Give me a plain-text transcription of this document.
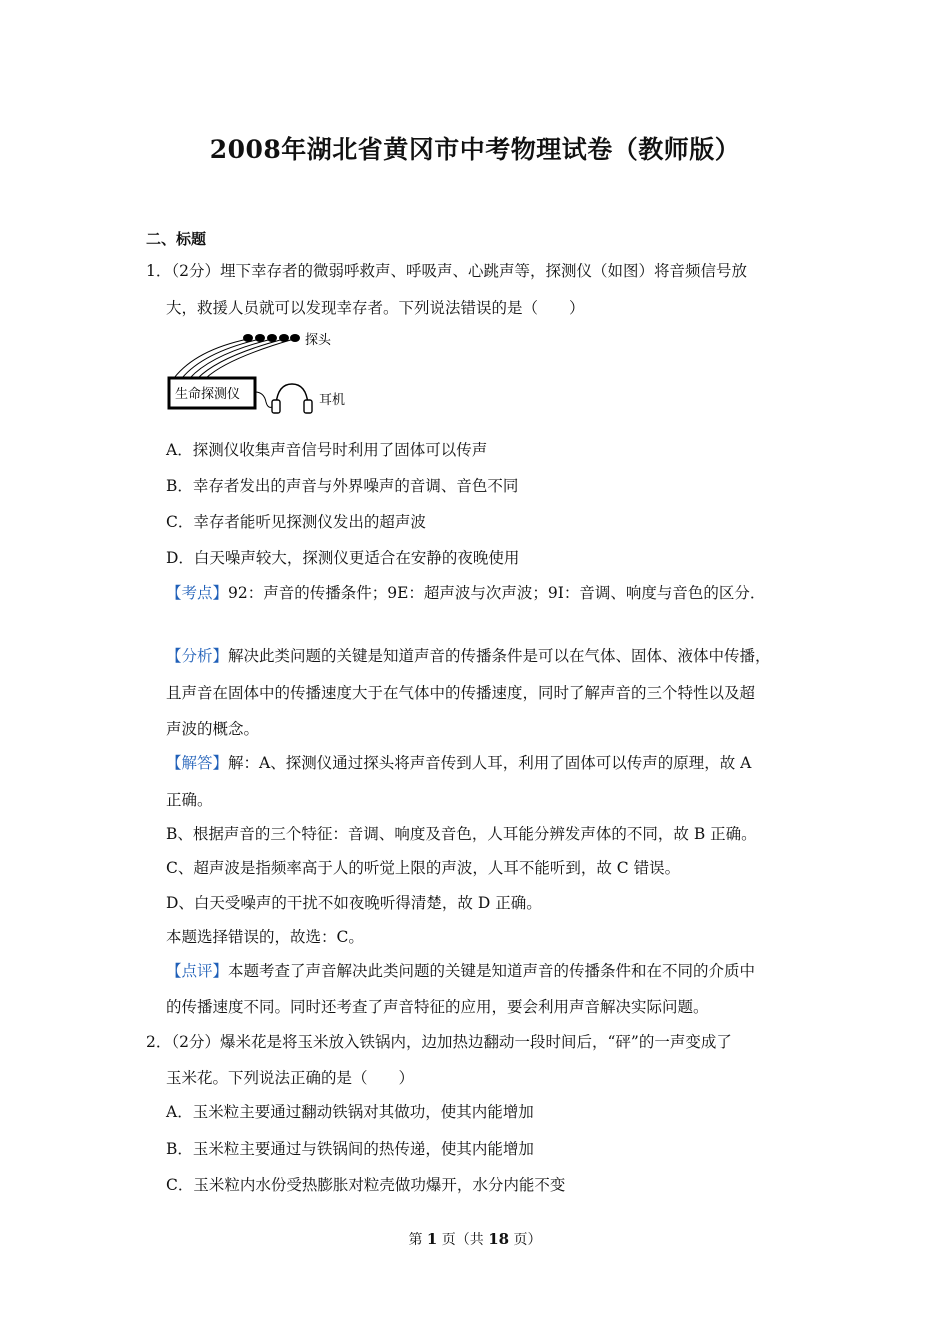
2008年湖北省黄冈市中考物理试卷（教师版）
二、标题
1．（2分）埋下幸存者的微弱呼救声、呼吸声、心跳声等，探测仪（如图）将音频信号放
大，救援人员就可以发现幸存者。下列说法错误的是（　　）
探头
生命探测仪	耳机
A．探测仪收集声音信号时利用了固体可以传声
B．幸存者发出的声音与外界噪声的音调、音色不同
C．幸存者能听见探测仪发出的超声波
D．白天噪声较大，探测仪更适合在安静的夜晚使用
【考点】92：声音的传播条件；9E：超声波与次声波；9I：音调、响度与音色的区分．
【分析】解决此类问题的关键是知道声音的传播条件是可以在气体、固体、液体中传播，
且声音在固体中的传播速度大于在气体中的传播速度，同时了解声音的三个特性以及超
声波的概念。
【解答】解：A、探测仪通过探头将声音传到人耳，利用了固体可以传声的原理，故 A
正确。
B、根据声音的三个特征：音调、响度及音色，人耳能分辨发声体的不同，故 B 正确。
C、超声波是指频率高于人的听觉上限的声波，人耳不能听到，故 C 错误。
D、白天受噪声的干扰不如夜晚听得清楚，故 D 正确。
本题选择错误的，故选：C。
【点评】本题考查了声音解决此类问题的关键是知道声音的传播条件和在不同的介质中
的传播速度不同。同时还考查了声音特征的应用，要会利用声音解决实际问题。
2．（2分）爆米花是将玉米放入铁锅内，边加热边翻动一段时间后，“砰”的一声变成了
玉米花。下列说法正确的是（　　）
A．玉米粒主要通过翻动铁锅对其做功，使其内能增加
B．玉米粒主要通过与铁锅间的热传递，使其内能增加
C．玉米粒内水份受热膨胀对粒壳做功爆开，水分内能不变
第 1 页（共 18 页）
